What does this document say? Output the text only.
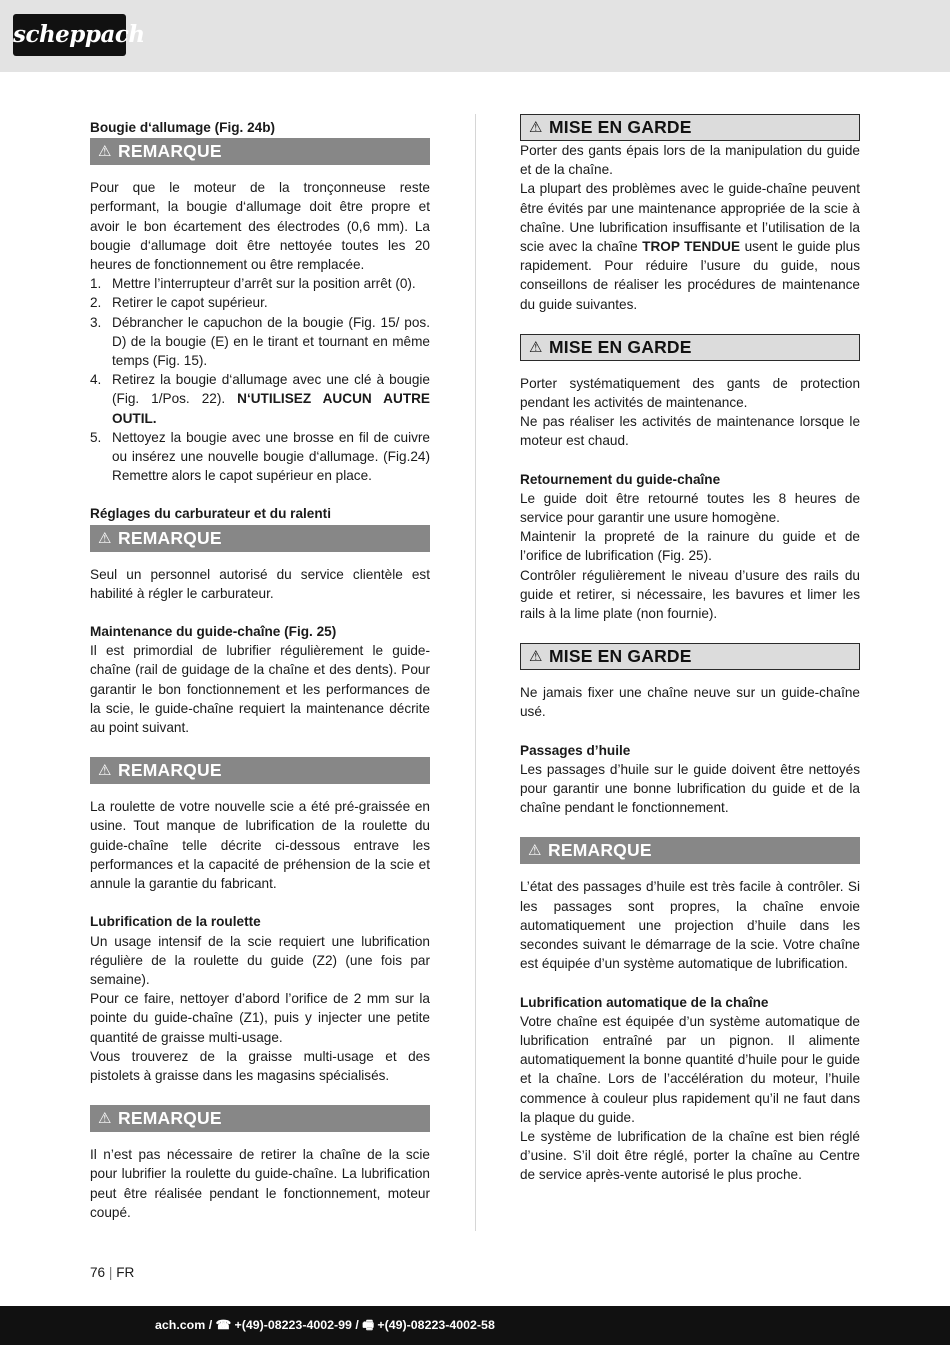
scheppach
Bougie d‘allumage (Fig. 24b)
⚠ REMARQUE

Pour que le moteur de la tronçonneuse reste performant, la bougie d‘allumage doit être propre et avoir le bon écartement des électrodes (0,6 mm). La bougie d‘allumage doit être nettoyée toutes les 20 heures de fonctionnement ou être remplacée.

1. Mettre l’interrupteur d’arrêt sur la position arrêt (0).
2. Retirer le capot supérieur.
3. Débrancher le capuchon de la bougie (Fig. 15/ pos. D) de la bougie (E) en le tirant et tournant en même temps (Fig. 15).
4. Retirez la bougie d‘allumage avec une clé à bougie (Fig. 1/Pos. 22). N‘UTILISEZ AUCUN AUTRE OUTIL.
5. Nettoyez la bougie avec une brosse en fil de cuivre ou insérez une nouvelle bougie d‘allumage. (Fig.24) Remettre alors le capot supérieur en place.
Réglages du carburateur et du ralenti
⚠ REMARQUE

Seul un personnel autorisé du service clientèle est habilité à régler le carburateur.

Maintenance du guide-chaîne (Fig. 25)

Il est primordial de lubrifier régulièrement le guide-chaîne (rail de guidage de la chaîne et des dents). Pour garantir le bon fonctionnement et les performances de la scie, le guide-chaîne requiert la maintenance décrite au point suivant.

⚠ REMARQUE

La roulette de votre nouvelle scie a été pré-graissée en usine. Tout manque de lubrification de la roulette du guide-chaîne telle décrite ci-dessous entrave les performances et la capacité de préhension de la scie et annule la garantie du fabricant.

Lubrification de la roulette

Un usage intensif de la scie requiert une lubrification régulière de la roulette du guide (Z2) (une fois par semaine).

Pour ce faire, nettoyer d’abord l’orifice de 2 mm sur la pointe du guide-chaîne (Z1), puis y injecter une petite quantité de graisse multi-usage.

Vous trouverez de la graisse multi-usage et des pistolets à graisse dans les magasins spécialisés.

⚠ REMARQUE

Il n’est pas nécessaire de retirer la chaîne de la scie pour lubrifier la roulette du guide-chaîne. La lubrification peut être réalisée pendant le fonctionnement, moteur coupé.

⚠ MISE EN GARDE

Porter des gants épais lors de la manipulation du guide et de la chaîne.

La plupart des problèmes avec le guide-chaîne peuvent être évités par une maintenance appropriée de la scie à chaîne. Une lubrification insuffisante et l’utilisation de la scie avec la chaîne TROP TENDUE usent le guide plus rapidement. Pour réduire l’usure du guide, nous conseillons de réaliser les procédures de maintenance du guide suivantes.

⚠ MISE EN GARDE

Porter systématiquement des gants de protection pendant les activités de maintenance.

Ne pas réaliser les activités de maintenance lorsque le moteur est chaud.

Retournement du guide-chaîne

Le guide doit être retourné toutes les 8 heures de service pour garantir une usure homogène.

Maintenir la propreté de la rainure du guide et de l’orifice de lubrification (Fig. 25).

Contrôler régulièrement le niveau d’usure des rails du guide et retirer, si nécessaire, les bavures et limer les rails à la lime plate (non fournie).

⚠ MISE EN GARDE

Ne jamais fixer une chaîne neuve sur un guide-chaîne usé.

Passages d’huile

Les passages d’huile sur le guide doivent être nettoyés pour garantir une bonne lubrification du guide et de la chaîne pendant le fonctionnement.

⚠ REMARQUE

L’état des passages d’huile est très facile à contrôler. Si les passages sont propres, la chaîne envoie automatiquement une projection d’huile dans les secondes suivant le démarrage de la scie. Votre chaîne est équipée d’un système automatique de lubrification.

Lubrification automatique de la chaîne

Votre chaîne est équipée d’un système automatique de lubrification entraîné par un pignon. Il alimente automatiquement la bonne quantité d’huile pour le guide et la chaîne. Lors de l’accélération du moteur, l’huile commence à couleur plus rapidement qu’il ne faut dans la plaque du guide.

Le système de lubrification de la chaîne est bien réglé d’usine. S’il doit être réglé, porter la chaîne au Centre de service après-vente autorisé le plus proche.

76 | FR
ach.com / ☎ +(49)-08223-4002-99 / 🖷 +(49)-08223-4002-58
